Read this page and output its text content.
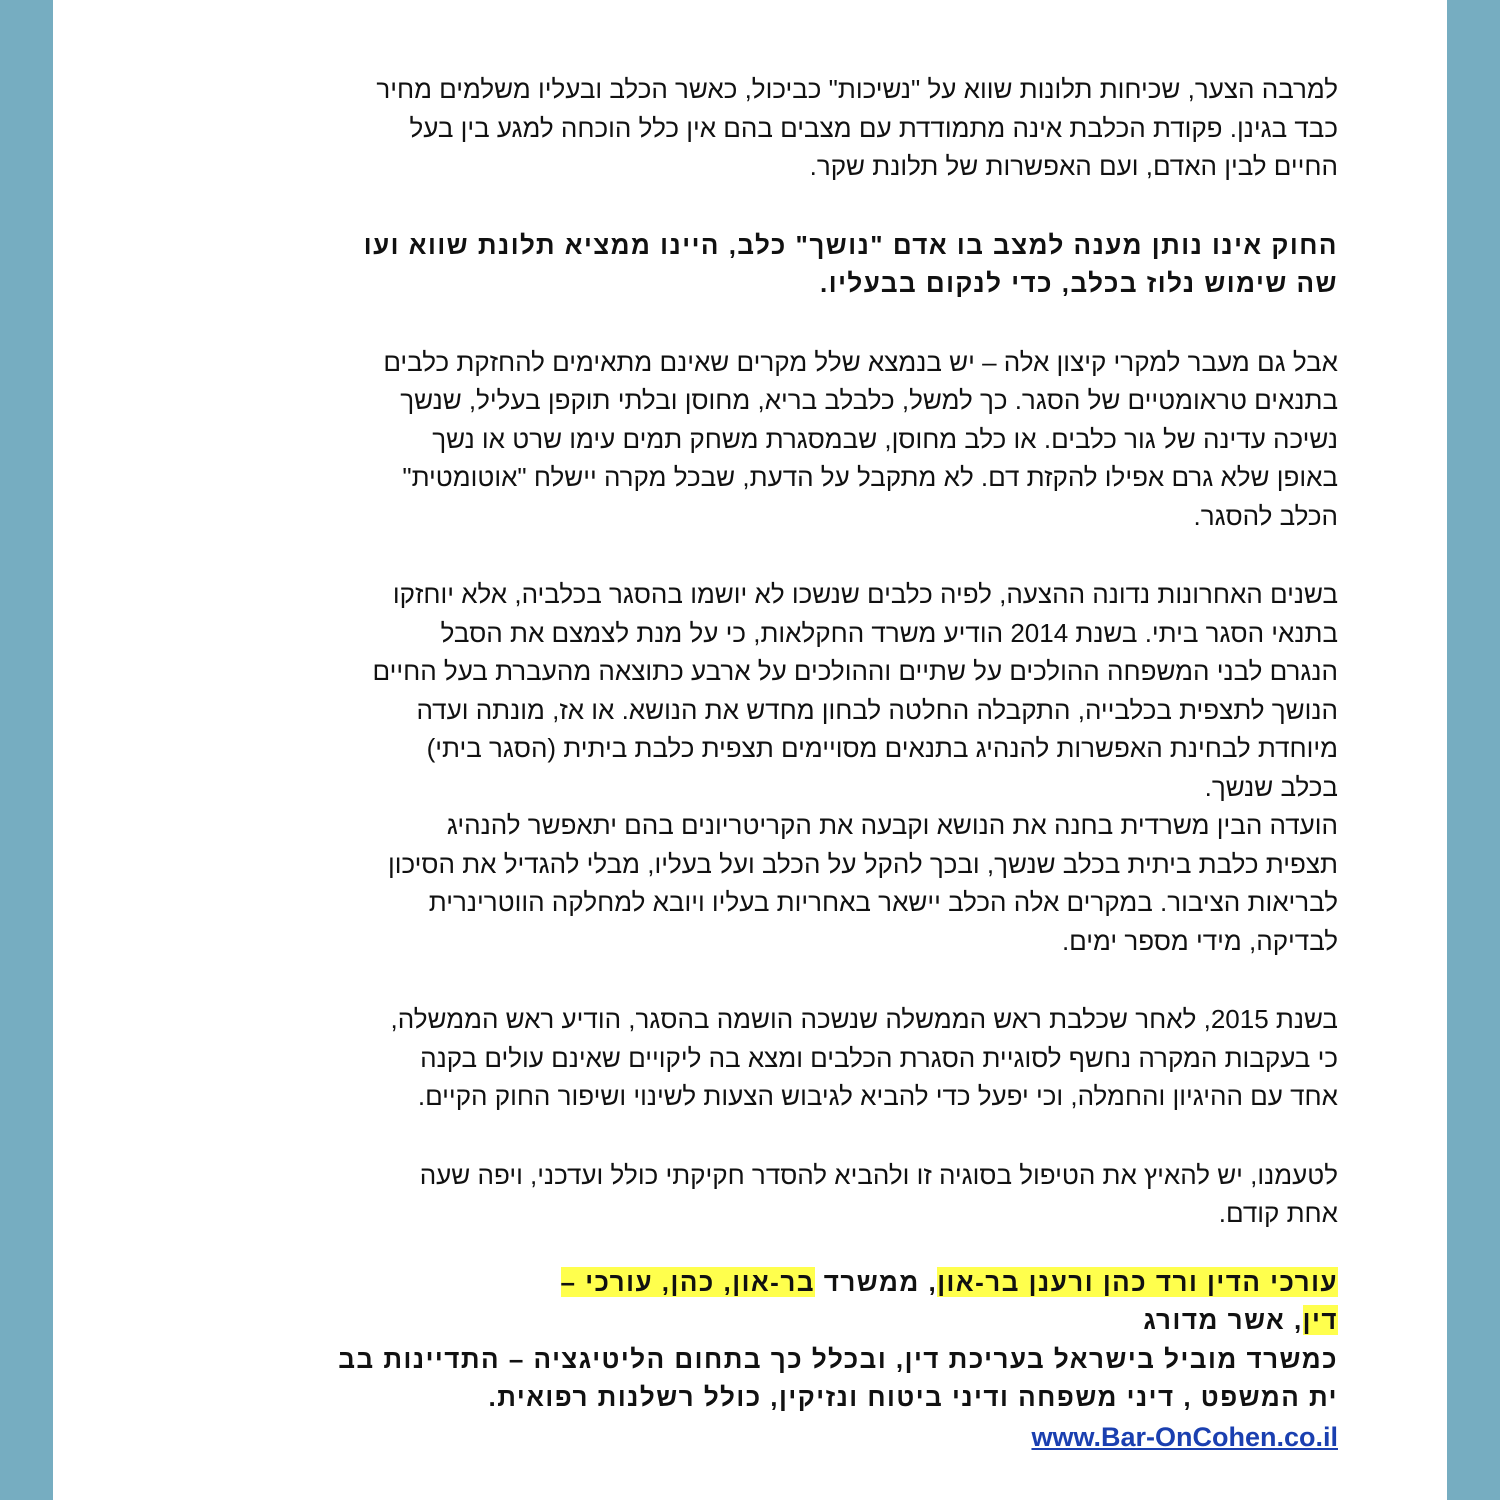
למרבה הצער, שכיחות תלונות שווא על "נשיכות" כביכול, כאשר הכלב ובעליו משלמים מחיר
כבד בגינן. פקודת הכלבת אינה מתמודדת עם מצבים בהם אין כלל הוכחה למגע בין בעל
החיים לבין האדם, ועם האפשרות של תלונת שקר.

החוק אינו נותן מענה למצב בו אדם "נושך" כלב, היינו ממציא תלונת שווא ועו
שה שימוש נלוז בכלב, כדי לנקום בבעליו.

אבל גם מעבר למקרי קיצון אלה – יש בנמצא שלל מקרים שאינם מתאימים להחזקת כלבים
בתנאים טראומטיים של הסגר. כך למשל, כלבלב בריא, מחוסן ובלתי תוקפן בעליל, שנשך
נשיכה עדינה של גור כלבים. או כלב מחוסן, שבמסגרת משחק תמים עימו שרט או נשך
באופן שלא גרם אפילו להקזת דם. לא מתקבל על הדעת, שבכל מקרה יישלח "אוטומטית"
הכלב להסגר.

בשנים האחרונות נדונה ההצעה, לפיה כלבים שנשכו לא יושמו בהסגר בכלביה, אלא יוחזקו
בתנאי הסגר ביתי. בשנת 2014 הודיע משרד החקלאות, כי על מנת לצמצם את הסבל
הנגרם לבני המשפחה ההולכים על שתיים וההולכים על ארבע כתוצאה מהעברת בעל החיים
הנושך לתצפית בכלבייה, התקבלה החלטה לבחון מחדש את הנושא. או אז, מונתה ועדה
מיוחדת לבחינת האפשרות להנהיג בתנאים מסויימים תצפית כלבת ביתית (הסגר ביתי)
בכלב שנשך.

הועדה הבין משרדית בחנה את הנושא וקבעה את הקריטריונים בהם יתאפשר להנהיג
תצפית כלבת ביתית בכלב שנשך, ובכך להקל על הכלב ועל בעליו, מבלי להגדיל את הסיכון
לבריאות הציבור. במקרים אלה הכלב יישאר באחריות בעליו ויובא למחלקה הווטרינרית
לבדיקה, מידי מספר ימים.

בשנת 2015, לאחר שכלבת ראש הממשלה שנשכה הושמה בהסגר, הודיע ראש הממשלה,
כי בעקבות המקרה נחשף לסוגיית הסגרת הכלבים ומצא בה ליקויים שאינם עולים בקנה
אחד עם ההיגיון והחמלה, וכי יפעל כדי להביא לגיבוש הצעות לשינוי ושיפור החוק הקיים.

לטעמנו, יש להאיץ את הטיפול בסוגיה זו ולהביא להסדר חקיקתי כולל ועדכני, ויפה שעה
אחת קודם.

עורכי הדין ורד כהן ורענן בר-און, ממשרד בר-און, כהן, עורכי –
דין, אשר מדורג
כמשרד מוביל בישראל בעריכת דין, ובכלל כך בתחום הליטיגציה – התדיינות בב
ית המשפט , דיני משפחה ודיני ביטוח ונזיקין, כולל רשלנות רפואית.
www.Bar-OnCohen.co.il
